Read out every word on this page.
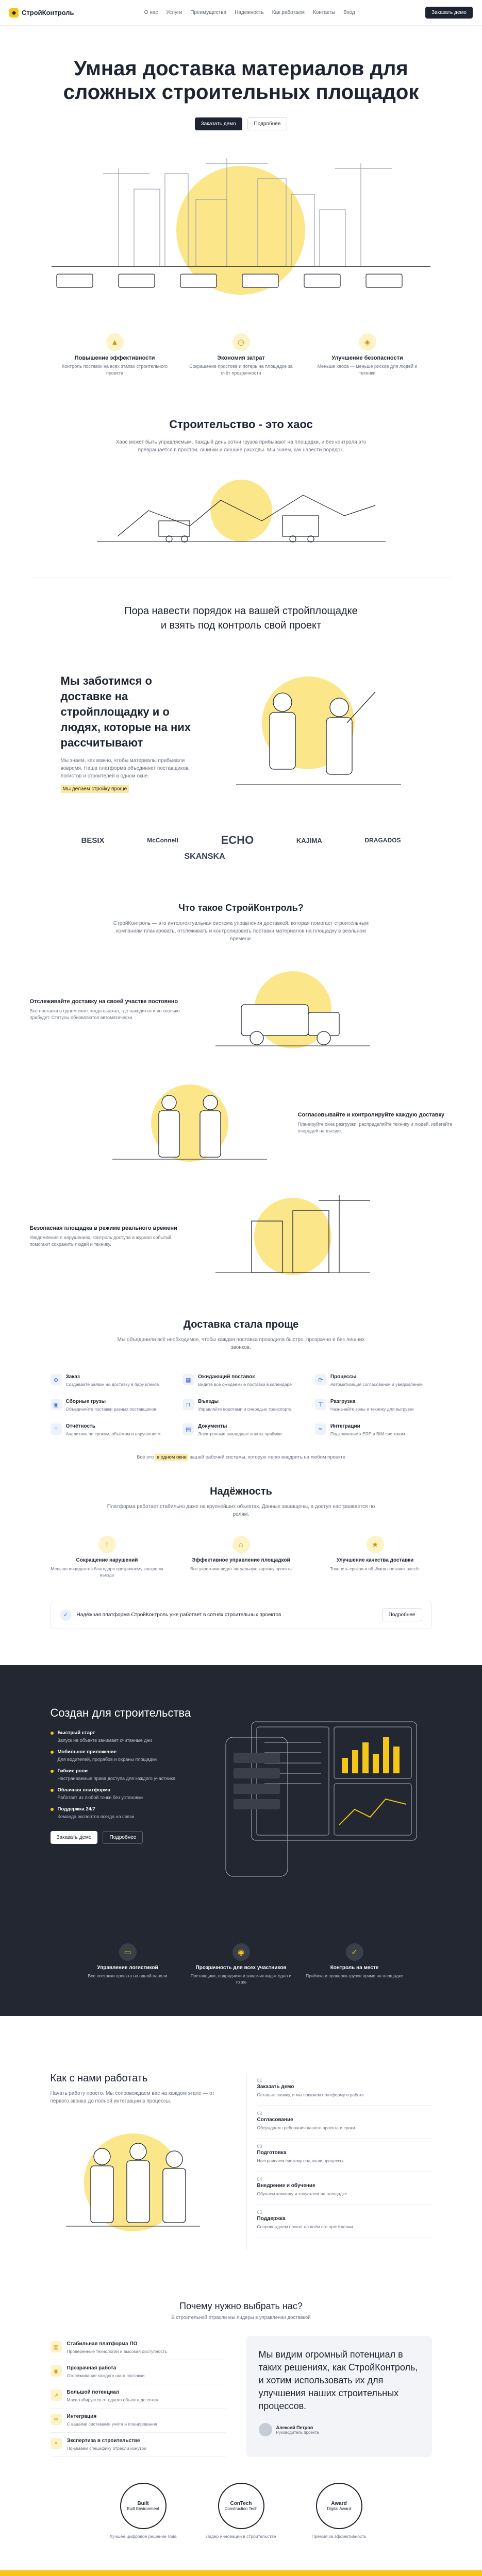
◆ СтройКонтроль	О нас Услуги Преимущества Надежность Как работаем Контакты Вход	Заказать демо
Умная доставка материалов для
сложных строительных площадок
Заказать демо	Подробнее
▲
Повышение эффективности
Контроль поставок на всех этапах строительного проекта
◷
Экономия затрат
Сокращение простоев и потерь на площадке за счёт прозрачности
◈
Улучшение безопасности
Меньше хаоса — меньше рисков для людей и техники
Строительство - это хаос

Хаос может быть управляемым. Каждый день сотни грузов прибывают на площадки, и без контроля это превращается в простои, ошибки и лишние расходы. Мы знаем, как навести порядок.

Пора навести порядок на вашей стройплощадке
и взять под контроль свой проект
Мы заботимся о доставке на стройплощадку и о людях, которые на них рассчитывают

Мы знаем, как важно, чтобы материалы прибывали вовремя. Наша платформа объединяет поставщиков, логистов и строителей в одном окне.

Мы делаем стройку проще
BESIX	McConnell	ECHO	KAJIMA	DRAGADOS
SKANSKA
Что такое СтройКонтроль?

СтройКонтроль — это интеллектуальная система управления доставкой, которая помогает строительным компаниям планировать, отслеживать и контролировать поставки материалов на площадку в реальном времени.

Отслеживайте доставку на своей участке постоянно
Все поставки в одном окне: когда выехал, где находится и во сколько прибудет. Статусы обновляются автоматически.
Согласовывайте и контролируйте каждую доставку
Планируйте окна разгрузки, распределяйте технику и людей, избегайте очередей на въезде.
Безопасная площадка в режиме реального времени
Уведомления о нарушениях, контроль доступа и журнал событий помогают сохранить людей и технику.
Доставка стала проще

Мы объединили всё необходимое, чтобы каждая поставка проходила быстро, прозрачно и без лишних звонков.

⊕	Заказ
Создавайте заявки на доставку в пару кликов
▦	Ожидающий поставок
Видите все ожидаемые поставки в календаре
⟳	Процессы
Автоматизация согласований и уведомлений
▣	Сборные грузы
Объединяйте поставки разных поставщиков
⊓	Въезды
Управляйте воротами и очередью транспорта
⊤	Разгрузка
Назначайте зоны и технику для выгрузки
≡	Отчётность
Аналитика по срокам, объёмам и нарушениям
▤	Документы
Электронные накладные и акты приёмки
∞	Интеграции
Подключение к ERP и BIM системам
Всё это в одном окне вашей рабочей системы, которую легко внедрить на любом проекте
Надёжность

Платформа работает стабильно даже на крупнейших объектах. Данные защищены, а доступ настраивается по ролям.

!
Сокращение нарушений
Меньше инцидентов благодаря прозрачному контролю въезда
⌂
Эффективное управление площадкой
Все участники видят актуальную картину проекта
★
Улучшение качества доставки
Точность сроков и объёмов поставок растёт
✓	Надёжная платформа СтройКонтроль уже работает в сотнях строительных проектов	Подробнее
Создан для строительства
Быстрый старт
Запуск на объекте занимает считанные дни
Мобильное приложение
Для водителей, прорабов и охраны площадки
Гибкие роли
Настраиваемые права доступа для каждого участника
Облачная платформа
Работает из любой точки без установки
Поддержка 24/7
Команда экспертов всегда на связи
Заказать демо	Подробнее
▭
Управление логистикой
Все поставки проекта на одной панели
◉
Прозрачность для всех участников
Поставщики, подрядчики и заказчик видят одно и то же
✓
Контроль на месте
Приёмка и проверка грузов прямо на площадке
Как с нами работать

Начать работу просто. Мы сопровождаем вас на каждом этапе — от первого звонка до полной интеграции в процессы.

01
Заказать демо
Оставьте заявку, и мы покажем платформу в работе
02
Согласование
Обсуждаем требования вашего проекта и сроки
03
Подготовка
Настраиваем систему под ваши процессы
04
Внедрение и обучение
Обучаем команду и запускаем на площадке
05
Поддержка
Сопровождаем проект на всём его протяжении
Почему нужно выбрать нас?

В строительной отрасли мы лидеры в управлении доставкой

▥	Стабильная платформа ПО
Проверенные технологии и высокая доступность
◉	Прозрачная работа
Отслеживание каждого шага поставки
↗	Большой потенциал
Масштабируется от одного объекта до сотен
∞	Интеграция
С вашими системами учёта и планирования
◓	Экспертиза в строительстве
Понимаем специфику отрасли изнутри
Мы видим огромный потенциал в таких решениях, как СтройКонтроль, и хотим использовать их для улучшения наших строительных процессов.
Алексей Петров
Руководитель проекта
Built
Built Environment
Лучшее цифровое решение года
ConTech
Construction Tech
Лидер инноваций в строительстве
Award
Digital Award
Премия за эффективность
